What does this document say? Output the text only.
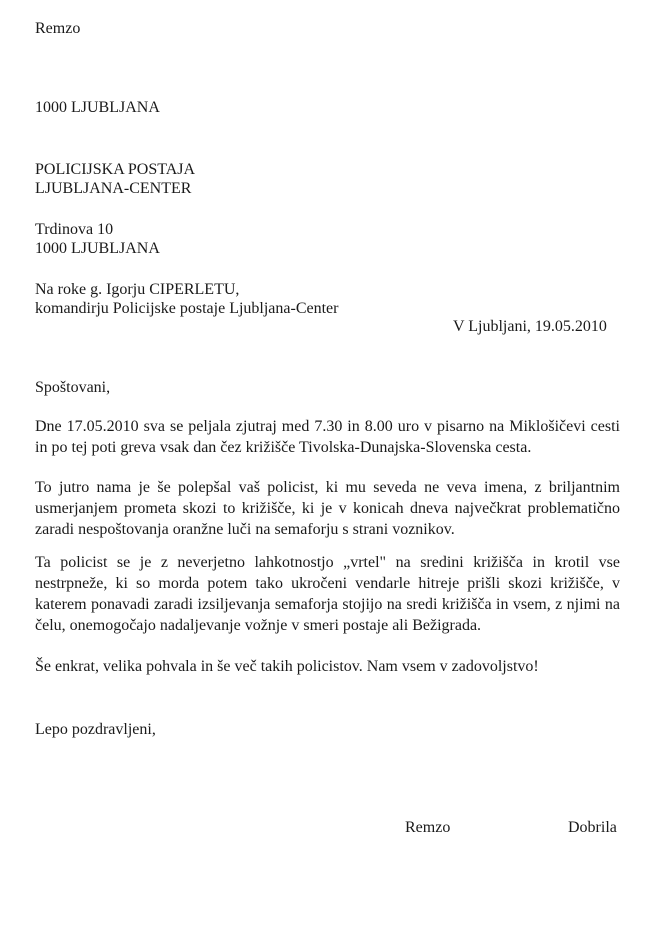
Remzo
1000 LJUBLJANA
POLICIJSKA POSTAJA
LJUBLJANA-CENTER
Trdinova 10
1000 LJUBLJANA
Na roke g. Igorju CIPERLETU,
komandirju Policijske postaje Ljubljana-Center
V Ljubljani, 19.05.2010
Spoštovani,
Dne 17.05.2010 sva se peljala zjutraj med 7.30 in 8.00 uro v pisarno na Miklošičevi cesti in po tej poti greva vsak dan čez križišče Tivolska-Dunajska-Slovenska cesta.
To jutro nama je še polepšal vaš policist, ki mu seveda ne veva imena, z briljantnim usmerjanjem prometa skozi to križišče, ki je v konicah dneva največkrat problematično zaradi nespoštovanja oranžne luči na semaforju s strani voznikov.
Ta policist se je z neverjetno lahkotnostjo „vrtel" na sredini križišča in krotil vse nestrpneže, ki so morda potem tako ukročeni vendarle hitreje prišli skozi križišče, v katerem ponavadi zaradi izsiljevanja semaforja stojijo na sredi križišča in vsem, z njimi na čelu, onemogočajo nadaljevanje vožnje v smeri postaje ali Bežigrada.
Še enkrat, velika pohvala in še več takih policistov. Nam vsem v zadovoljstvo!
Lepo pozdravljeni,
Remzo	Dobrila
